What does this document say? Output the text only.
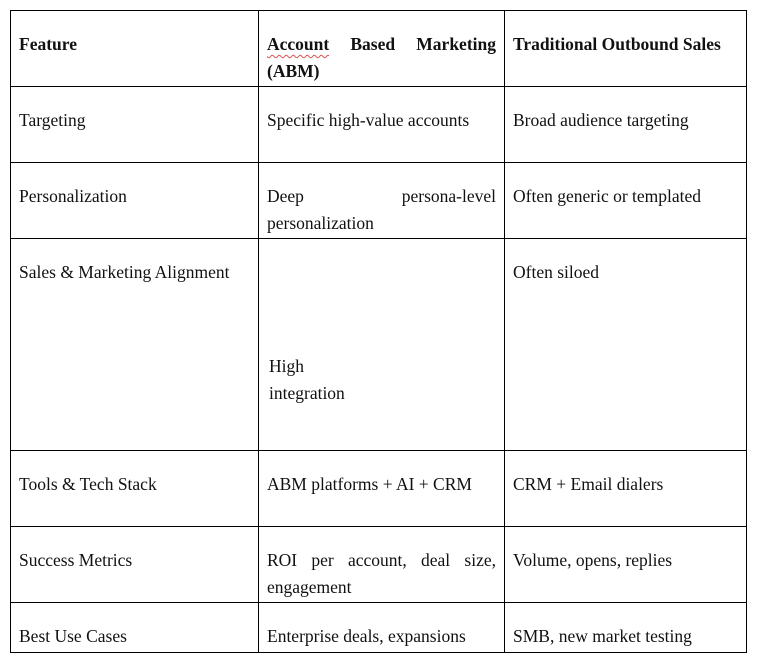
Feature	Account Based Marketing (ABM)	Traditional Outbound Sales
Targeting	Specific high-value accounts	Broad audience targeting
Personalization	Deep persona-level personalization	Often generic or templated
Sales & Marketing Alignment	High integration	Often siloed
Tools & Tech Stack	ABM platforms + AI + CRM	CRM + Email dialers
Success Metrics	ROI per account, deal size, engagement	Volume, opens, replies
Best Use Cases	Enterprise deals, expansions	SMB, new market testing
